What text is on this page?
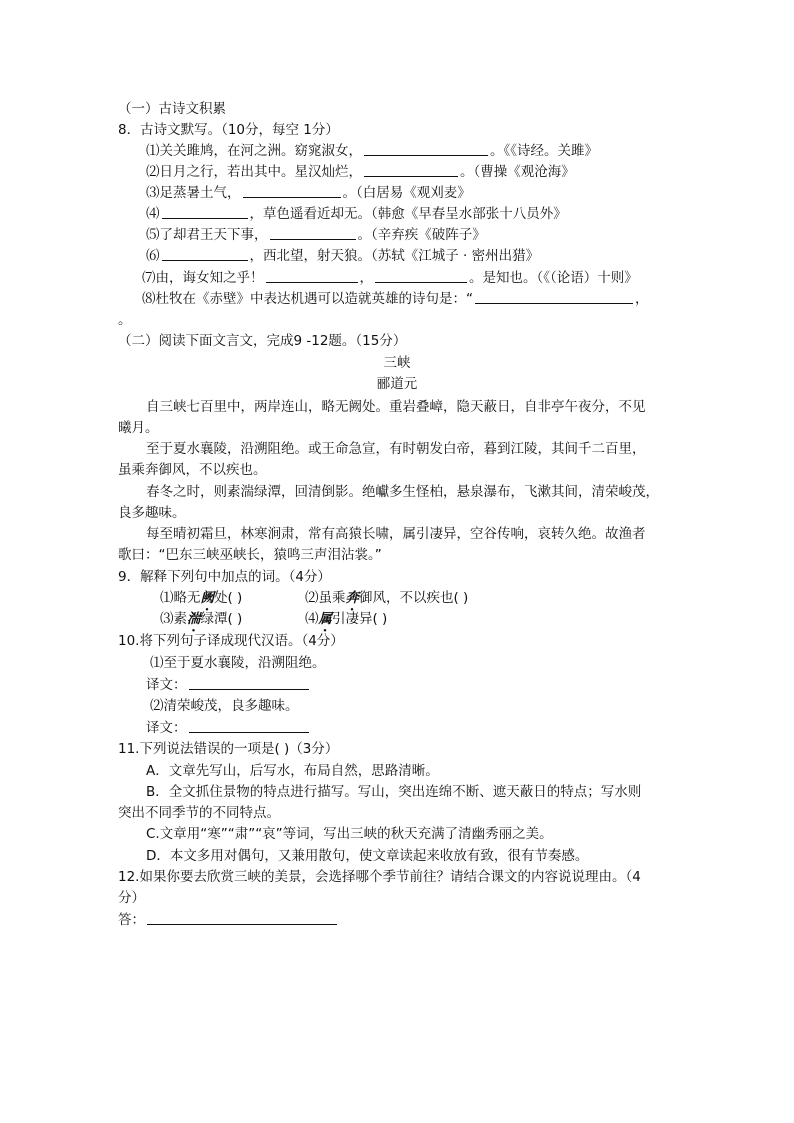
（一）古诗文积累
8．古诗文默写。（10分，每空 1分）
⑴关关雎鸠，在河之洲。窈窕淑女，	。《《诗经。关雎》
⑵日月之行，若出其中。星汉灿烂，	。（曹操《观沧海》
⑶足蒸暑土气，	。（白居易《观刈麦》
⑷	，草色遥看近却无。（韩愈《早春呈水部张十八员外》
⑸了却君王天下事，	。（辛弃疾《破阵子》
⑹	，西北望，射天狼。（苏轼《江城子 · 密州出猎》
⑺由，诲女知之乎！	，	。是知也。（《（论语）十则》
⑻杜牧在《赤壁》中表达机遇可以造就英雄的诗句是：“	，
。
（二）阅读下面文言文，完成9 -12题。（15分）
三峡
郦道元
自三峡七百里中，两岸连山，略无阙处。重岩叠嶂，隐天蔽日，自非亭午夜分，不见
曦月。
至于夏水襄陵，沿溯阻绝。或王命急宣，有时朝发白帝，暮到江陵，其间千二百里，
虽乘奔御风，不以疾也。
春冬之时，则素湍绿潭，回清倒影。绝巘多生怪柏，悬泉瀑布，飞漱其间，清荣峻茂，
良多趣味。
每至晴初霜旦，林寒涧肃，常有高猿长啸，属引凄异，空谷传响，哀转久绝。故渔者
歌曰：“巴东三峡巫峡长，猿鸣三声泪沾裳。”
9．解释下列句中加点的词。（4分）
⑴略无阙处( )	⑵虽乘奔御风，不以疾也( )
⑶素湍绿潭( )	⑷属引凄异( )
10.将下列句子译成现代汉语。（4分）
⑴至于夏水襄陵，沿溯阻绝。
译文：
⑵清荣峻茂，良多趣味。
译文：
11.下列说法错误的一项是( )（3分）
A．文章先写山，后写水，布局自然，思路清晰。
B．全文抓住景物的特点进行描写。写山，突出连绵不断、遮天蔽日的特点；写水则
突出不同季节的不同特点。
C.文章用“寒”“肃”“哀”等词，写出三峡的秋天充满了清幽秀丽之美。
D．本文多用对偶句，又兼用散句，使文章读起来收放有致，很有节奏感。
12.如果你要去欣赏三峡的美景，会选择哪个季节前往？请结合课文的内容说说理由。（4
分）
答：
